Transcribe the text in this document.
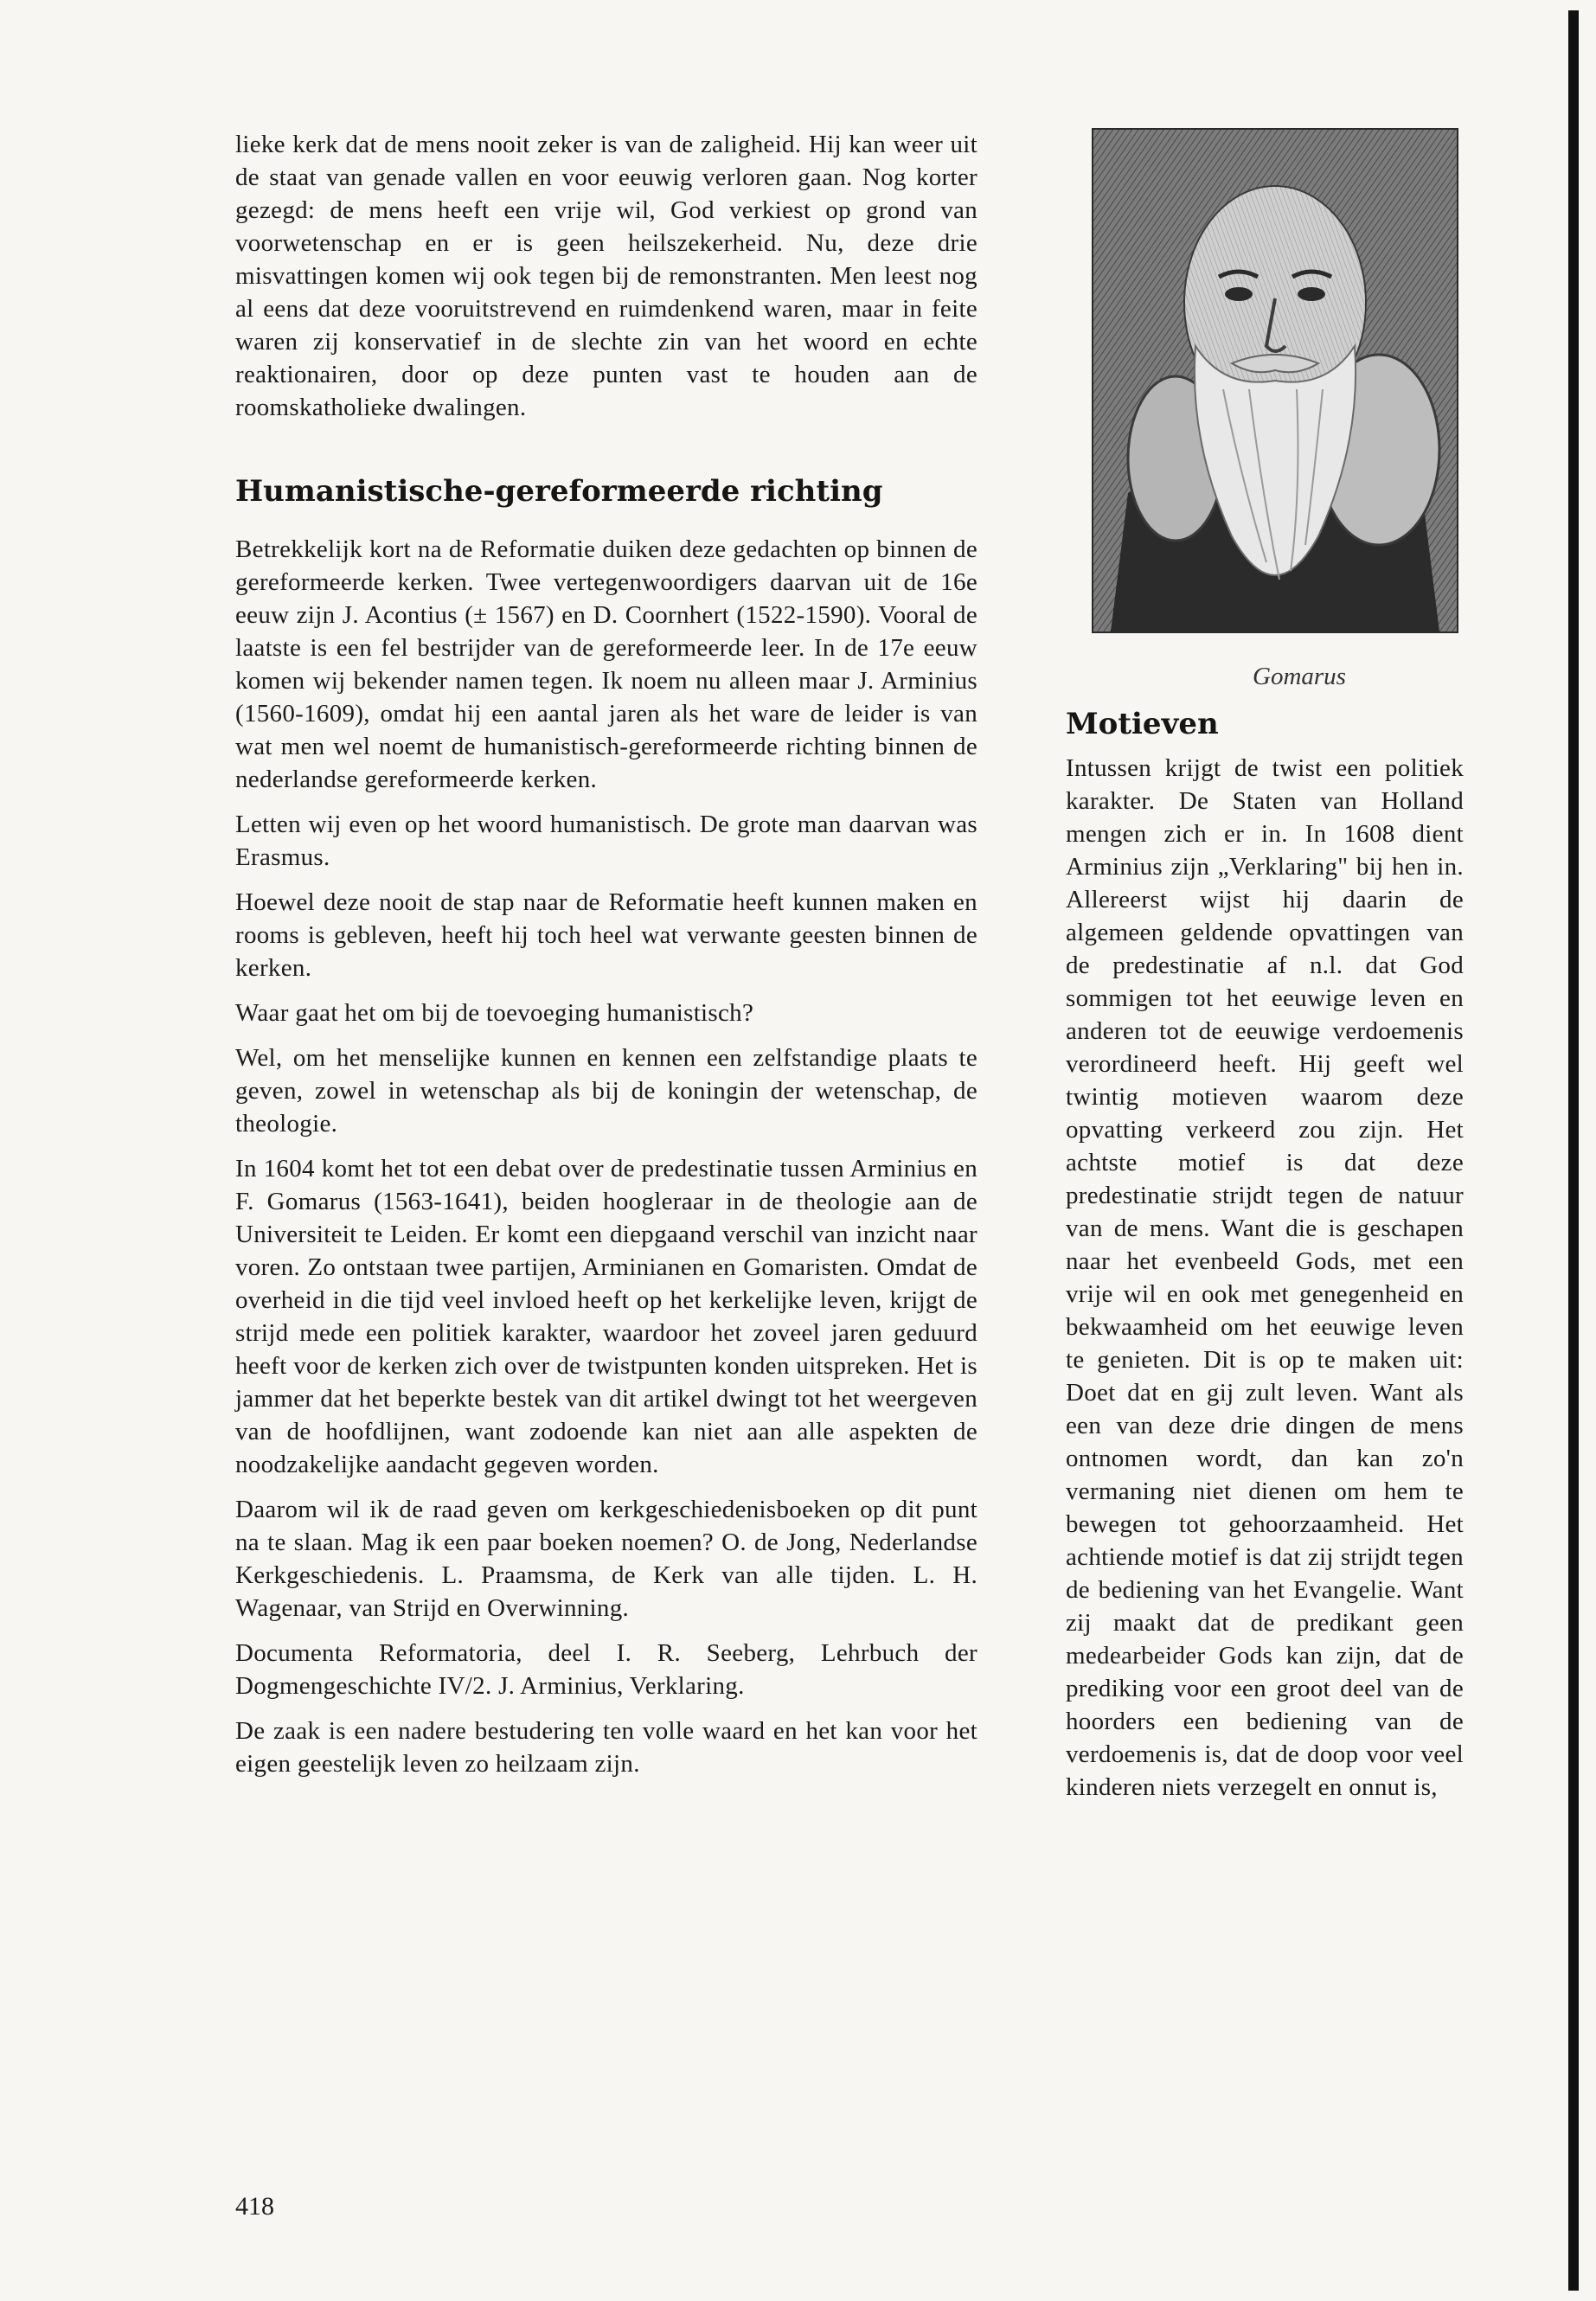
lieke kerk dat de mens nooit zeker is van de zaligheid. Hij kan weer uit de staat van genade vallen en voor eeuwig verloren gaan. Nog korter gezegd: de mens heeft een vrije wil, God verkiest op grond van voorwetenschap en er is geen heilszekerheid. Nu, deze drie misvattingen komen wij ook tegen bij de remonstranten. Men leest nog al eens dat deze vooruitstrevend en ruimdenkend waren, maar in feite waren zij konservatief in de slechte zin van het woord en echte reaktionairen, door op deze punten vast te houden aan de roomskatholieke dwalingen.

Humanistische-gereformeerde richting

Betrekkelijk kort na de Reformatie duiken deze gedachten op binnen de gereformeerde kerken. Twee vertegenwoordigers daarvan uit de 16e eeuw zijn J. Acontius (± 1567) en D. Coornhert (1522-1590). Vooral de laatste is een fel bestrijder van de gereformeerde leer. In de 17e eeuw komen wij bekender namen tegen. Ik noem nu alleen maar J. Arminius (1560-1609), omdat hij een aantal jaren als het ware de leider is van wat men wel noemt de humanistisch-gereformeerde richting binnen de nederlandse gereformeerde kerken.

Letten wij even op het woord humanistisch. De grote man daarvan was Erasmus.

Hoewel deze nooit de stap naar de Reformatie heeft kunnen maken en rooms is gebleven, heeft hij toch heel wat verwante geesten binnen de kerken.

Waar gaat het om bij de toevoeging humanistisch?

Wel, om het menselijke kunnen en kennen een zelfstandige plaats te geven, zowel in wetenschap als bij de koningin der wetenschap, de theologie.

In 1604 komt het tot een debat over de predestinatie tussen Arminius en F. Gomarus (1563-1641), beiden hoogleraar in de theologie aan de Universiteit te Leiden. Er komt een diepgaand verschil van inzicht naar voren. Zo ontstaan twee partijen, Arminianen en Gomaristen. Omdat de overheid in die tijd veel invloed heeft op het kerkelijke leven, krijgt de strijd mede een politiek karakter, waardoor het zoveel jaren geduurd heeft voor de kerken zich over de twistpunten konden uitspreken. Het is jammer dat het beperkte bestek van dit artikel dwingt tot het weergeven van de hoofdlijnen, want zodoende kan niet aan alle aspekten de noodzakelijke aandacht gegeven worden.

Daarom wil ik de raad geven om kerkgeschiedenisboeken op dit punt na te slaan. Mag ik een paar boeken noemen? O. de Jong, Nederlandse Kerkgeschiedenis. L. Praamsma, de Kerk van alle tijden. L. H. Wagenaar, van Strijd en Overwinning.

Documenta Reformatoria, deel I. R. Seeberg, Lehrbuch der Dogmengeschichte IV/2. J. Arminius, Verklaring.

De zaak is een nadere bestudering ten volle waard en het kan voor het eigen geestelijk leven zo heilzaam zijn.

Gomarus
Motieven

Intussen krijgt de twist een politiek karakter. De Staten van Holland mengen zich er in. In 1608 dient Arminius zijn „Verklaring" bij hen in. Allereerst wijst hij daarin de algemeen geldende opvattingen van de predestinatie af n.l. dat God sommigen tot het eeuwige leven en anderen tot de eeuwige verdoemenis verordineerd heeft. Hij geeft wel twintig motieven waarom deze opvatting verkeerd zou zijn. Het achtste motief is dat deze predestinatie strijdt tegen de natuur van de mens. Want die is geschapen naar het evenbeeld Gods, met een vrije wil en ook met genegenheid en bekwaamheid om het eeuwige leven te genieten. Dit is op te maken uit: Doet dat en gij zult leven. Want als een van deze drie dingen de mens ontnomen wordt, dan kan zo'n vermaning niet dienen om hem te bewegen tot gehoorzaamheid. Het achtiende motief is dat zij strijdt tegen de bediening van het Evangelie. Want zij maakt dat de predikant geen medearbeider Gods kan zijn, dat de prediking voor een groot deel van de hoorders een bediening van de verdoemenis is, dat de doop voor veel kinderen niets verzegelt en onnut is,

418
